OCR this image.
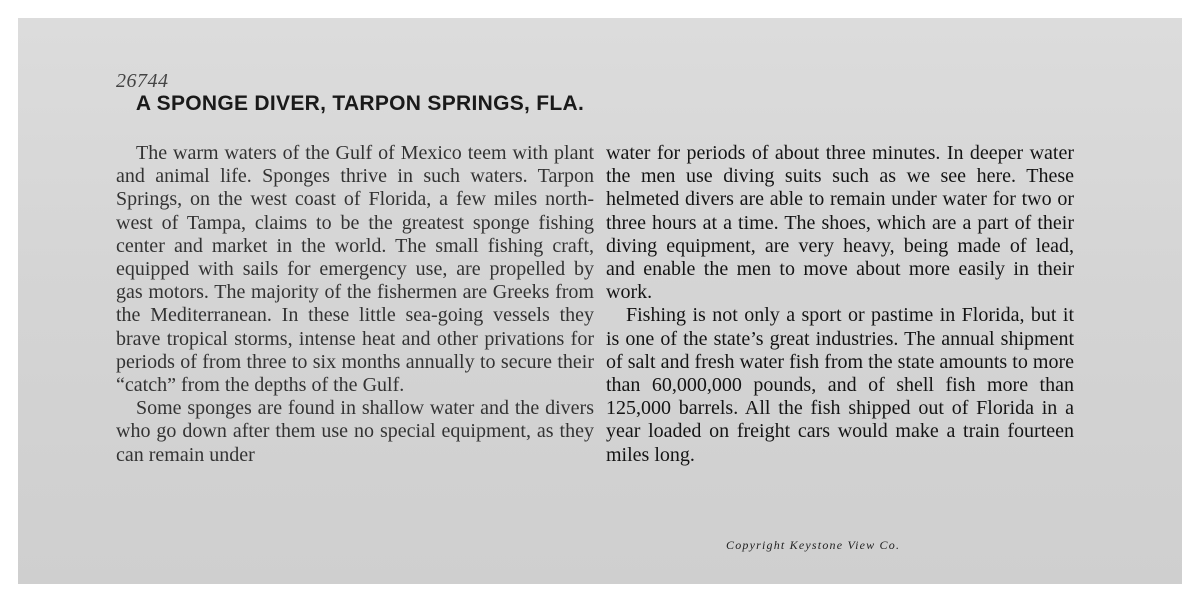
26744

A SPONGE DIVER, TARPON SPRINGS, FLA.

The warm waters of the Gulf of Mexico teem with plant and animal life. Sponges thrive in such waters. Tarpon Springs, on the west coast of Florida, a few miles north-west of Tampa, claims to be the greatest sponge fishing center and market in the world. The small fishing craft, equipped with sails for emergency use, are propelled by gas motors. The majority of the fishermen are Greeks from the Mediterranean. In these little sea-going vessels they brave tropical storms, intense heat and other privations for periods of from three to six months annually to secure their “catch” from the depths of the Gulf.

Some sponges are found in shallow water and the divers who go down after them use no special equipment, as they can remain under

water for periods of about three minutes. In deeper water the men use diving suits such as we see here. These helmeted divers are able to remain under water for two or three hours at a time. The shoes, which are a part of their diving equipment, are very heavy, being made of lead, and enable the men to move about more easily in their work.

Fishing is not only a sport or pastime in Florida, but it is one of the state’s great industries. The annual shipment of salt and fresh water fish from the state amounts to more than 60,000,000 pounds, and of shell fish more than 125,000 barrels. All the fish shipped out of Florida in a year loaded on freight cars would make a train fourteen miles long.

Copyright Keystone View Co.
